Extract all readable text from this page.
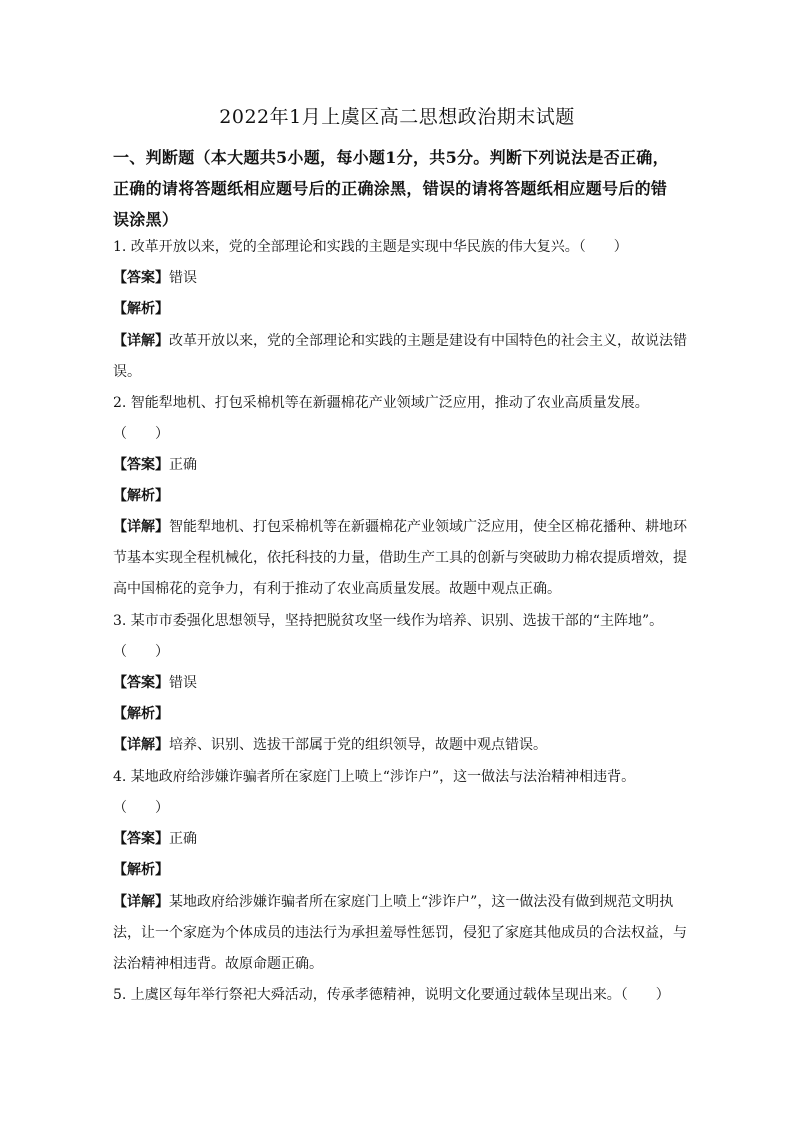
2022年1月上虞区高二思想政治期末试题
一、判断题（本大题共5小题，每小题1分，共5分。判断下列说法是否正确，正确的请将答题纸相应题号后的正确涂黑，错误的请将答题纸相应题号后的错误涂黑）
1. 改革开放以来，党的全部理论和实践的主题是实现中华民族的伟大复兴。（　　）
【答案】错误
【解析】
【详解】改革开放以来，党的全部理论和实践的主题是建设有中国特色的社会主义，故说法错误。
2. 智能犁地机、打包采棉机等在新疆棉花产业领域广泛应用，推动了农业高质量发展。
（　　）
【答案】正确
【解析】
【详解】智能犁地机、打包采棉机等在新疆棉花产业领域广泛应用，使全区棉花播种、耕地环节基本实现全程机械化，依托科技的力量，借助生产工具的创新与突破助力棉农提质增效，提高中国棉花的竞争力，有利于推动了农业高质量发展。故题中观点正确。
3. 某市市委强化思想领导，坚持把脱贫攻坚一线作为培养、识别、选拔干部的“主阵地”。
（　　）
【答案】错误
【解析】
【详解】培养、识别、选拔干部属于党的组织领导，故题中观点错误。
4. 某地政府给涉嫌诈骗者所在家庭门上喷上“涉诈户”，这一做法与法治精神相违背。
（　　）
【答案】正确
【解析】
【详解】某地政府给涉嫌诈骗者所在家庭门上喷上“涉诈户”，这一做法没有做到规范文明执法，让一个家庭为个体成员的违法行为承担羞辱性惩罚，侵犯了家庭其他成员的合法权益，与法治精神相违背。故原命题正确。
5. 上虞区每年举行祭祀大舜活动，传承孝德精神，说明文化要通过载体呈现出来。（　　）
